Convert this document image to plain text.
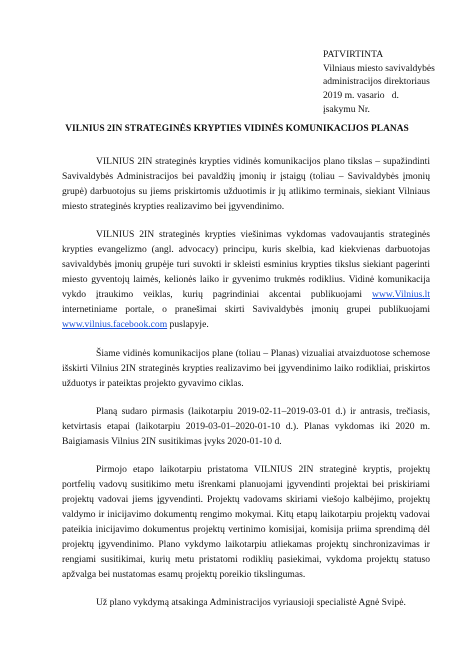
PATVIRTINTA
Vilniaus miesto savivaldybės
administracijos direktoriaus
2019 m. vasario   d.
įsakymu Nr.
VILNIUS 2IN STRATEGINĖS KRYPTIES VIDINĖS KOMUNIKACIJOS PLANAS

VILNIUS 2IN strateginės krypties vidinės komunikacijos plano tikslas – supažindinti Savivaldybės Administracijos bei pavaldžių įmonių ir įstaigų (toliau – Savivaldybės įmonių grupė) darbuotojus su jiems priskirtomis užduotimis ir jų atlikimo terminais, siekiant Vilniaus miesto strateginės krypties realizavimo bei įgyvendinimo.

VILNIUS 2IN strateginės krypties viešinimas vykdomas vadovaujantis strateginės krypties evangelizmo (angl. advocacy) principu, kuris skelbia, kad kiekvienas darbuotojas savivaldybės įmonių grupėje turi suvokti ir skleisti esminius krypties tikslus siekiant pagerinti miesto gyventojų laimės, kelionės laiko ir gyvenimo trukmės rodiklius. Vidinė komunikacija vykdo įtraukimo veiklas, kurių pagrindiniai akcentai publikuojami www.Vilnius.lt internetiniame portale, o pranešimai skirti Savivaldybės įmonių grupei publikuojami www.vilnius.facebook.com puslapyje.

Šiame vidinės komunikacijos plane (toliau – Planas) vizualiai atvaizduotose schemose išskirti Vilnius 2IN strateginės krypties realizavimo bei įgyvendinimo laiko rodikliai, priskirtos užduotys ir pateiktas projekto gyvavimo ciklas.

Planą sudaro pirmasis (laikotarpiu 2019-02-11–2019-03-01 d.) ir antrasis, trečiasis, ketvirtasis etapai (laikotarpiu 2019-03-01–2020-01-10 d.). Planas vykdomas iki 2020 m. Baigiamasis Vilnius 2IN susitikimas įvyks 2020-01-10 d.

Pirmojo etapo laikotarpiu pristatoma VILNIUS 2IN strateginė kryptis, projektų portfelių vadovų susitikimo metu išrenkami planuojami įgyvendinti projektai bei priskiriami projektų vadovai jiems įgyvendinti. Projektų vadovams skiriami viešojo kalbėjimo, projektų valdymo ir inicijavimo dokumentų rengimo mokymai. Kitų etapų laikotarpiu projektų vadovai pateikia inicijavimo dokumentus projektų vertinimo komisijai, komisija priima sprendimą dėl projektų įgyvendinimo. Plano vykdymo laikotarpiu atliekamas projektų sinchronizavimas ir rengiami susitikimai, kurių metu pristatomi rodiklių pasiekimai, vykdoma projektų statuso apžvalga bei nustatomas esamų projektų poreikio tikslingumas.

Už plano vykdymą atsakinga Administracijos vyriausioji specialistė Agnė Svipė.
